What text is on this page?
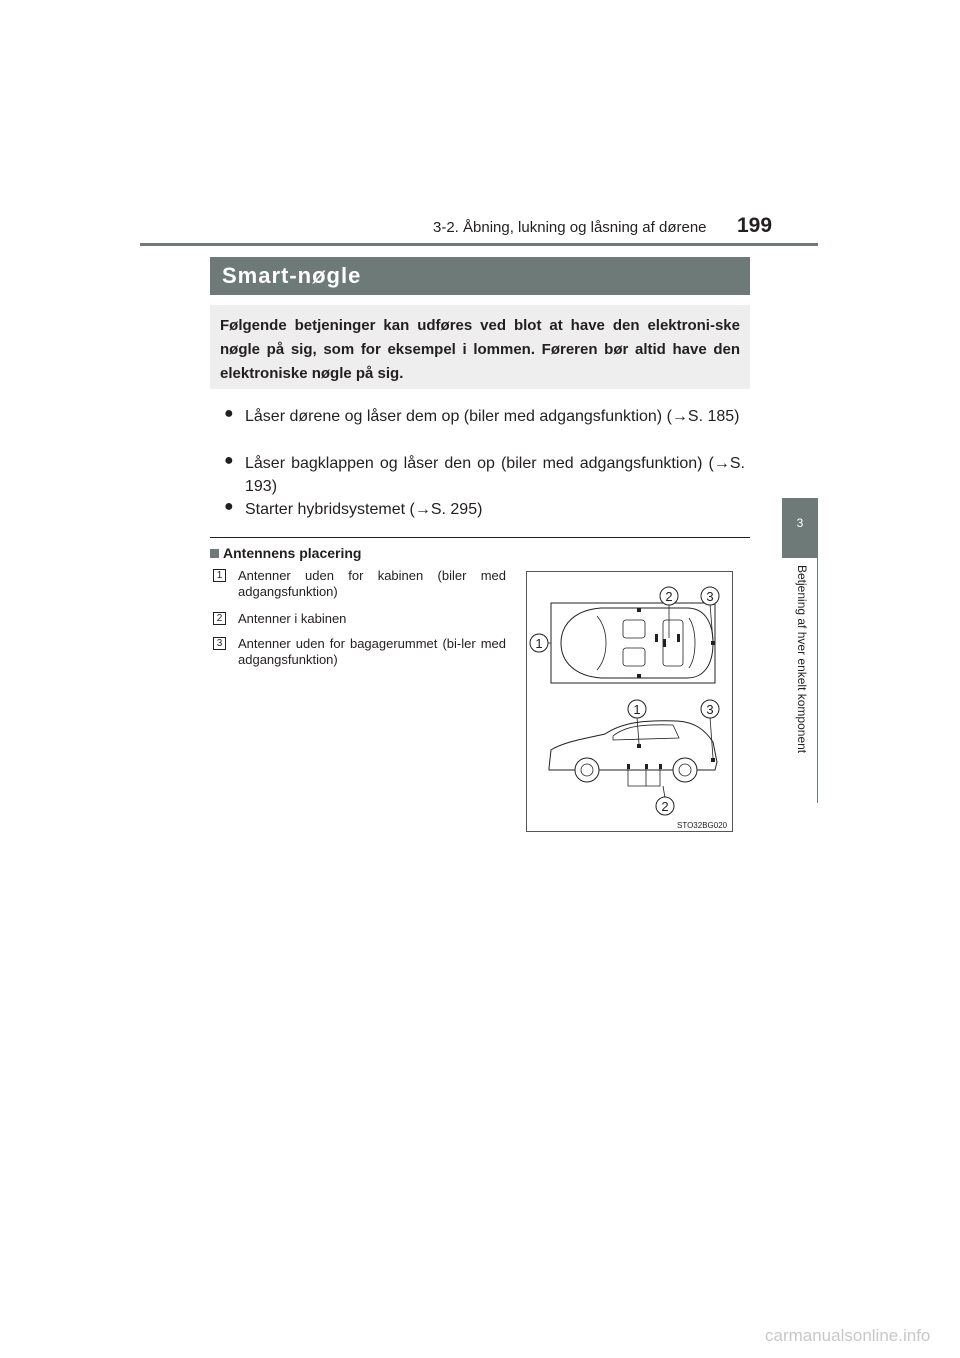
3-2. Åbning, lukning og låsning af dørene 199
3
Betjening af hver enkelt komponent
Smart-nøgle
Følgende betjeninger kan udføres ved blot at have den elektroni-ske nøgle på sig, som for eksempel i lommen. Føreren bør altid have den elektroniske nøgle på sig.
● Låser dørene og låser dem op (biler med adgangsfunktion) (→S. 185)
● Låser bagklappen og låser den op (biler med adgangsfunktion) (→S. 193)
● Starter hybridsystemet (→S. 295)
Antennens placering
1 Antenner uden for kabinen (biler med adgangsfunktion)
2 Antenner i kabinen
3 Antenner uden for bagagerummet (bi-ler med adgangsfunktion)
1
2	3
1	3
2
STO32BG020
carmanualsonline.info
